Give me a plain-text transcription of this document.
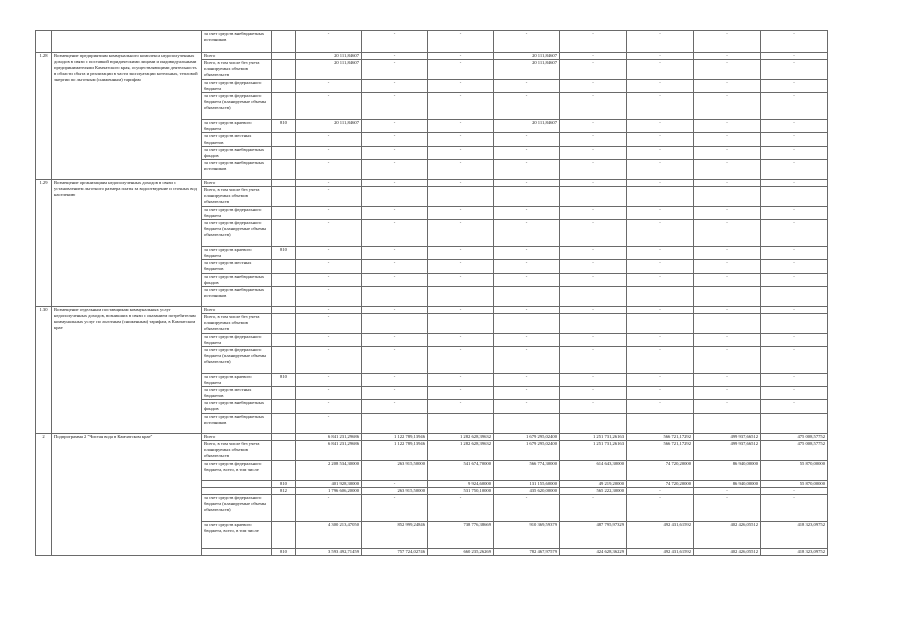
		за счет средств внебюджетных источников		-	-	-	-	-	-	-	-
1.28	Возмещение предприятиям коммунального комплекса недополученных доходов в связи с поставкой юридическими лицами и индивидуальными предпринимателями Камчатского края, осуществляющими деятельность в области сбыта и реализации в части эксплуатации котельных, тепловой энергии по льготным (сниженным) тарифам	Всего		20 111,84607	-	-	20 111,84607	-	-	-	-
		Всего, в том числе без учета планируемых объемов обязательств		20 111,84607	-	-	20 111,84607	-	-	-	-
		за счет средств федерального бюджета		-	-	-	-	-	-	-	-
		за счет средств федерального бюджета (планируемые объемы обязательств)		-	-	-	-	-	-	-	-
		за счет средств краевого бюджета	810	20 111,84607	-	-	20 111,84607	-	-	-	-
		за счет средств местных бюджетов		-	-	-	-	-	-	-	-
		за счет средств внебюджетных фондов		-	-	-	-	-	-	-	-
		за счет средств внебюджетных источников		-	-	-	-	-	-	-	-
1.29	Возмещение организациям недополученных доходов в связи с установлением льготного размера платы за водоотведение и сточных вод населению	Всего		-	-	-	-	-	-	-	-
		Всего, в том числе без учета планируемых объемов обязательств		-							
		за счет средств федерального бюджета		-	-	-	-	-	-	-	-
		за счет средств федерального бюджета (планируемые объемы обязательств)		-	-	-	-	-	-	-	-
		за счет средств краевого бюджета	810	-	-	-	-	-	-	-	-
		за счет средств местных бюджетов		-	-	-	-	-	-	-	-
		за счет средств внебюджетных фондов		-	-	-	-	-	-	-	-
		за счет средств внебюджетных источников		-							
1.30	Возмещение отдельным поставщикам коммунальных услуг недополученных доходов, возникших в связи с оказанием потребителям коммунальных услуг по льготным (сниженным) тарифам, в Камчатском крае	Всего		-	-	-	-	-	-	-	-
		Всего, в том числе без учета планируемых объемов обязательств		-							
		за счет средств федерального бюджета		-	-	-	-	-	-	-	-
		за счет средств федерального бюджета (планируемые объемы обязательств)		-	-	-	-	-	-	-	-
		за счет средств краевого бюджета	810	-	-	-	-	-	-	-	-
		за счет средств местных бюджетов		-	-	-	-	-	-	-	-
		за счет средств внебюджетных фондов		-	-	-	-	-	-	-	-
		за счет средств внебюджетных источников		-							
2	Подпрограмма 2 "Чистая вода в Камчатском крае"	Всего		6 841 231,29686	1 122 789,13946	1 282 628,39632	1 679 295,02400	1 251 731,26163	566 721,17292	499 937,66512	475 008,57752
		Всего, в том числе без учета планируемых объемов обязательств		6 841 231,29686	1 122 789,13946	1 282 628,39632	1 679 295,02400	1 251 731,26163	566 721,17292	499 937,66512	475 008,57752
		за счет средств федерального бюджета, всего, в том числе		2 208 534,30000	263 915,50000	541 674,70000	566 774,30000	614 643,30000	74 720,20000	86 940,00000	55 870,00000
			810	401 928,30000	-	9 924,60000	131 155,60000	49 219,20000	74 720,20000	86 940,00000	55 870,00000
			812	1 796 606,20000	263 915,50000	531 750,10000	435 620,00000	565 222,30000	-	-	-
		за счет средств федерального бюджета (планируемые объемы обязательств)		-	-	-	-	-	-	-	-
		за счет средств краевого бюджета, всего, в том числе		4 300 213,47050	852 999,24846	738 776,38669	910 369,59379	487 795,97329	492 431,61592	402 426,05512	418 323,09752
			810	3 593 492,71459	757 724,02746	660 235,26269	782 467,97579	424 628,36229	492 431,61592	402 426,05512	418 323,09752
